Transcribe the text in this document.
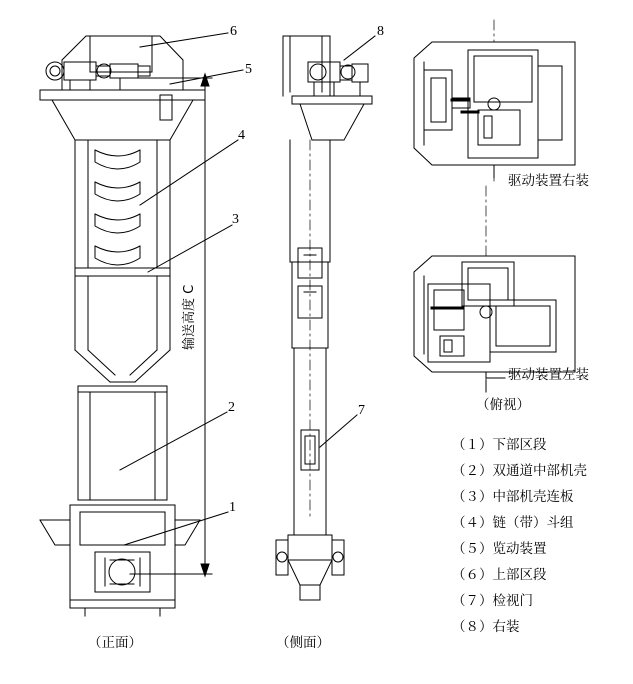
6
5
4
3
2
1
8
7
输送高度 C
（正面）	（侧面）
（俯视）
驱动装置右装
驱动装置左装
（１）下部区段
（２）双通道中部机壳
（３）中部机壳连板
（４）链（带）斗组
（５）览动装置
（６）上部区段
（７）检视门
（８）右装
